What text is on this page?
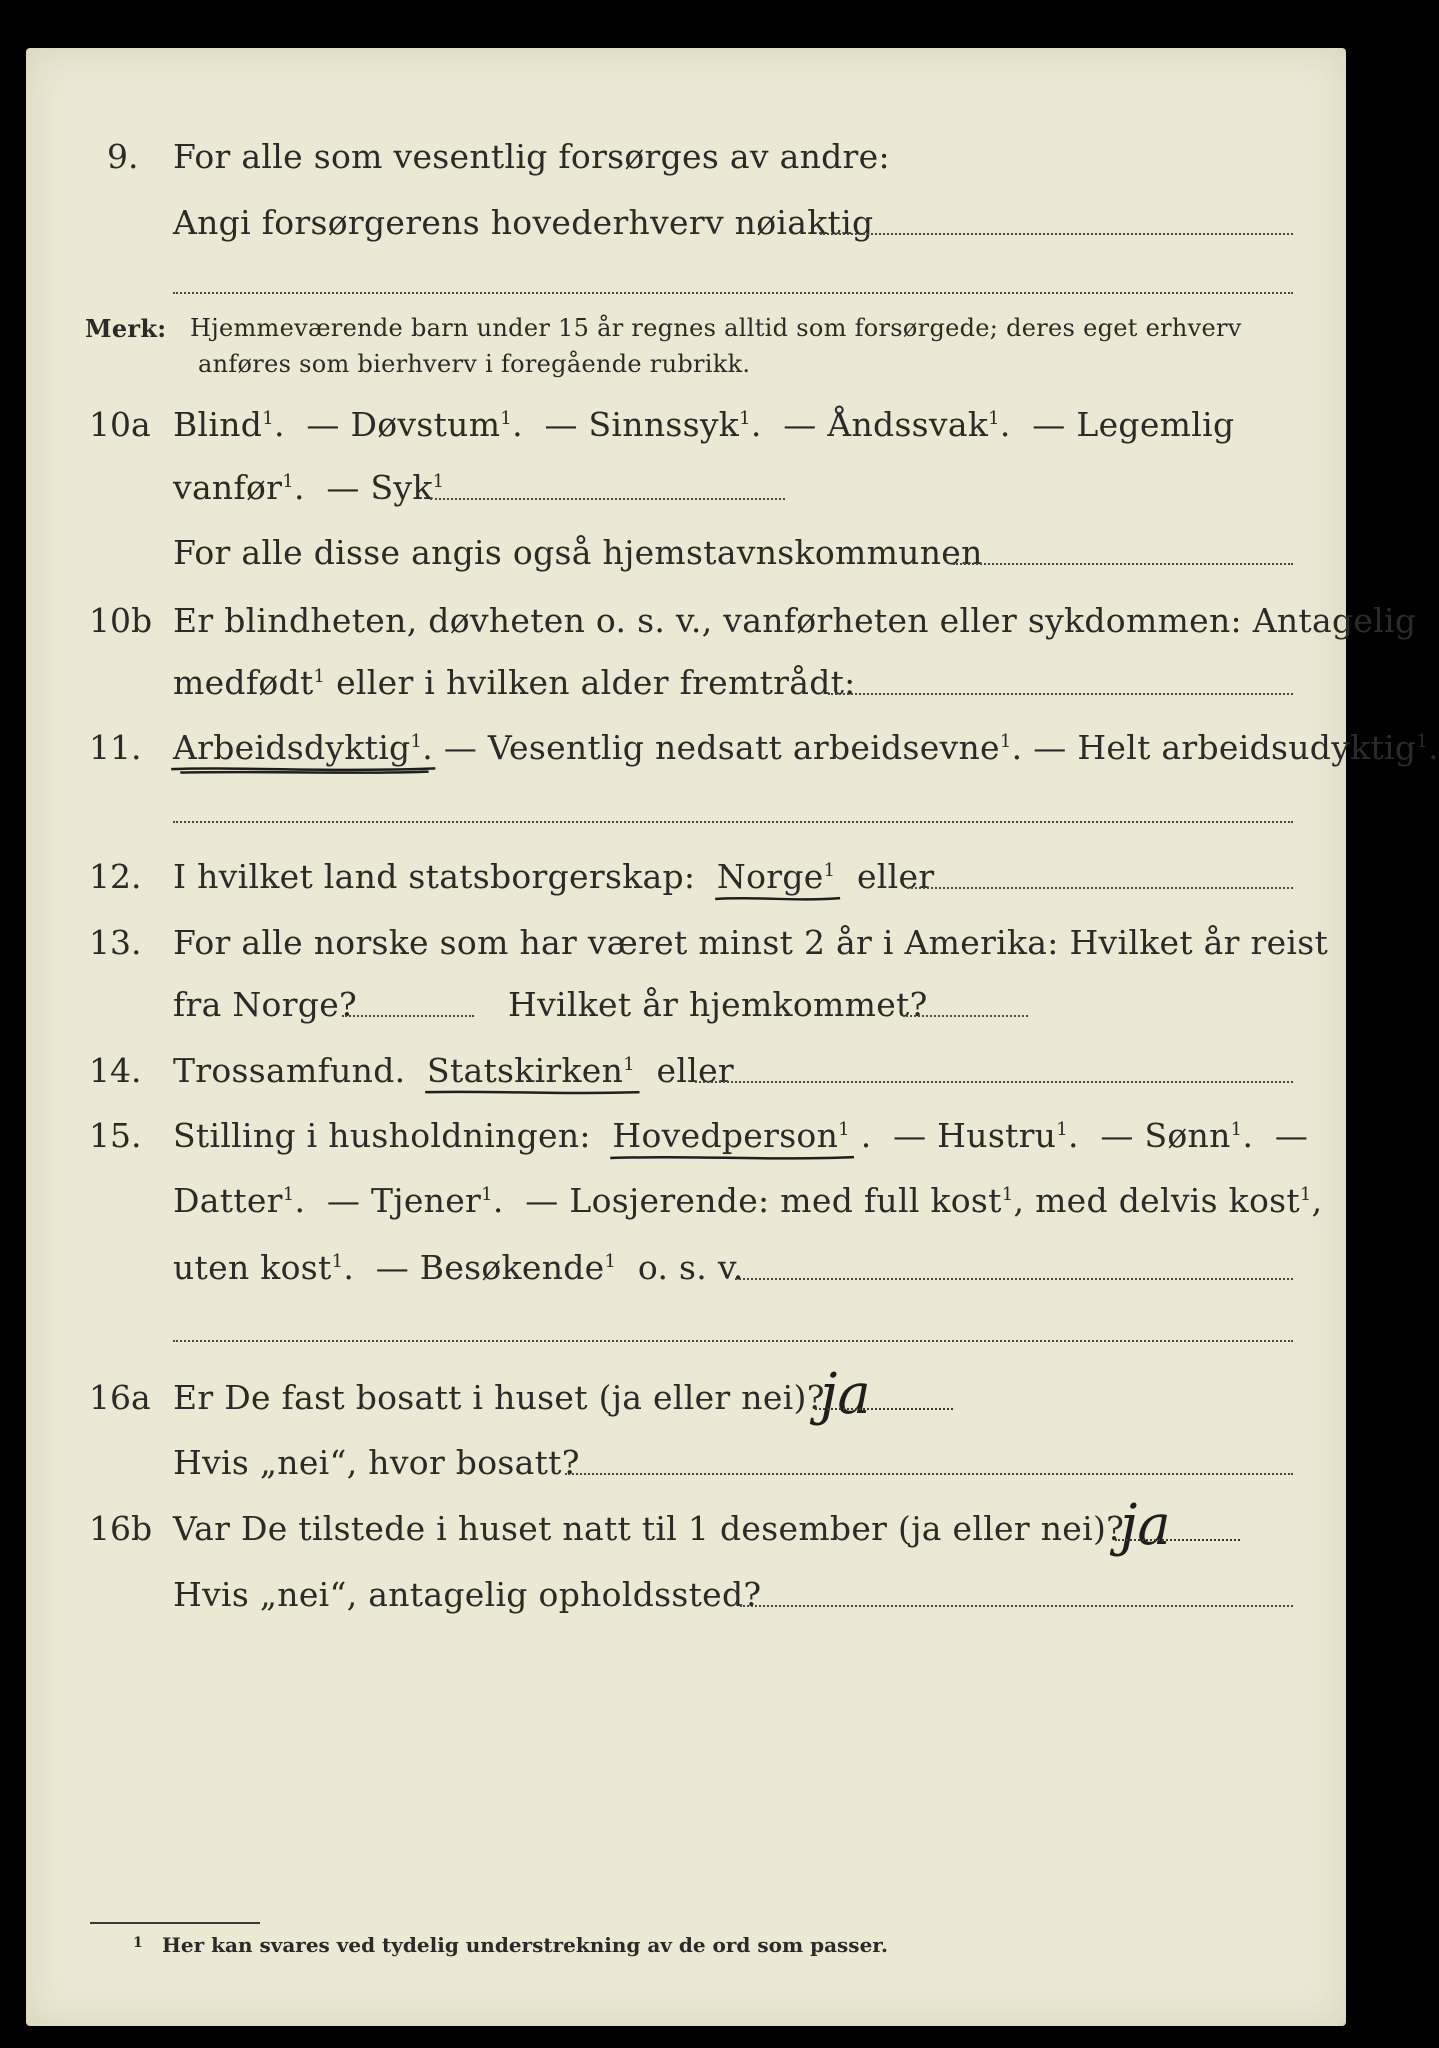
9. For alle som vesentlig forsørges av andre:
Angi forsørgerens hovederhverv nøiaktig
Merk: Hjemmeværende barn under 15 år regnes alltid som forsørgede; deres eget erhverv
anføres som bierhverv i foregående rubrikk.
10a Blind$^1$.  — Døvstum$^1$.  — Sinnssyk$^1$.  — Åndssvak$^1$.  — Legemlig
vanfør$^1$.  — Syk$^1$
For alle disse angis også hjemstavnskommunen
10b Er blindheten, døvheten o. s. v., vanførheten eller sykdommen: Antagelig
medfødt$^1$ eller i hvilken alder fremtrådt:
11. Arbeidsdyktig$^1$.
— Vesentlig nedsatt arbeidsevne$^1$. — Helt arbeidsudyktig$^1$.
12. I hvilket land statsborgerskap: Norge$^1$ eller
13. For alle norske som har været minst 2 år i Amerika: Hvilket år reist
fra Norge?	Hvilket år hjemkommet?
14. Trossamfund. Statskirken$^1$ eller
15. Stilling i husholdningen: Hovedperson$^1$ .  — Hustru$^1$.  — Sønn$^1$.  —
Datter$^1$.  — Tjener$^1$.  — Losjerende: med full kost$^1$, med delvis kost$^1$,
uten kost$^1$.  — Besøkende$^1$ o. s. v.
16a Er De fast bosatt i huset (ja eller nei)?
ja
Hvis „nei“, hvor bosatt?
16b Var De tilstede i huset natt til 1 desember (ja eller nei)?
ja
Hvis „nei“, antagelig opholdssted?
1 Her kan svares ved tydelig understrekning av de ord som passer.
